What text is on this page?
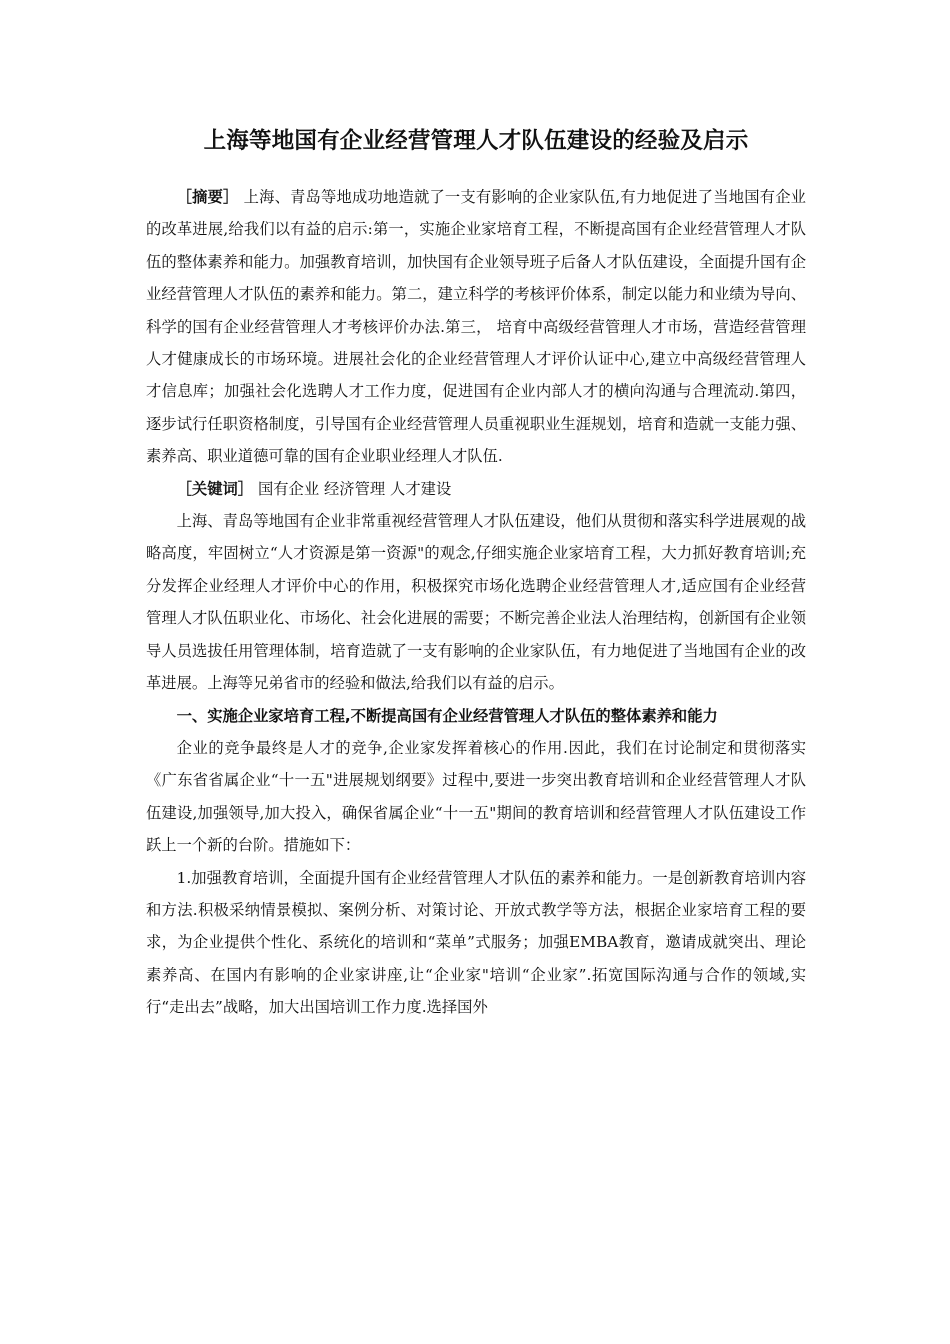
上海等地国有企业经营管理人才队伍建设的经验及启示

［摘要］ 上海、青岛等地成功地造就了一支有影响的企业家队伍,有力地促进了当地国有企业的改革进展,给我们以有益的启示:第一，实施企业家培育工程，不断提高国有企业经营管理人才队伍的整体素养和能力。加强教育培训，加快国有企业领导班子后备人才队伍建设，全面提升国有企业经营管理人才队伍的素养和能力。第二，建立科学的考核评价体系，制定以能力和业绩为导向、科学的国有企业经营管理人才考核评价办法.第三， 培育中高级经营管理人才市场，营造经营管理人才健康成长的市场环境。进展社会化的企业经营管理人才评价认证中心,建立中高级经营管理人才信息库；加强社会化选聘人才工作力度，促进国有企业内部人才的横向沟通与合理流动.第四，逐步试行任职资格制度，引导国有企业经营管理人员重视职业生涯规划，培育和造就一支能力强、素养高、职业道德可靠的国有企业职业经理人才队伍.

［关键词］ 国有企业 经济管理 人才建设

上海、青岛等地国有企业非常重视经营管理人才队伍建设，他们从贯彻和落实科学进展观的战略高度，牢固树立“人才资源是第一资源"的观念,仔细实施企业家培育工程，大力抓好教育培训;充分发挥企业经理人才评价中心的作用，积极探究市场化选聘企业经营管理人才,适应国有企业经营管理人才队伍职业化、市场化、社会化进展的需要；不断完善企业法人治理结构，创新国有企业领导人员选拔任用管理体制，培育造就了一支有影响的企业家队伍，有力地促进了当地国有企业的改革进展。上海等兄弟省市的经验和做法,给我们以有益的启示。

一、实施企业家培育工程,不断提高国有企业经营管理人才队伍的整体素养和能力

企业的竞争最终是人才的竞争,企业家发挥着核心的作用.因此，我们在讨论制定和贯彻落实《广东省省属企业“十一五"进展规划纲要》过程中,要进一步突出教育培训和企业经营管理人才队伍建设,加强领导,加大投入，确保省属企业“十一五"期间的教育培训和经营管理人才队伍建设工作跃上一个新的台阶。措施如下：

1.加强教育培训，全面提升国有企业经营管理人才队伍的素养和能力。一是创新教育培训内容和方法.积极采纳情景模拟、案例分析、对策讨论、开放式教学等方法，根据企业家培育工程的要求，为企业提供个性化、系统化的培训和“菜单”式服务；加强EMBA教育，邀请成就突出、理论素养高、在国内有影响的企业家讲座,让“企业家"培训“企业家”.拓宽国际沟通与合作的领域,实行“走出去”战略，加大出国培训工作力度.选择国外
